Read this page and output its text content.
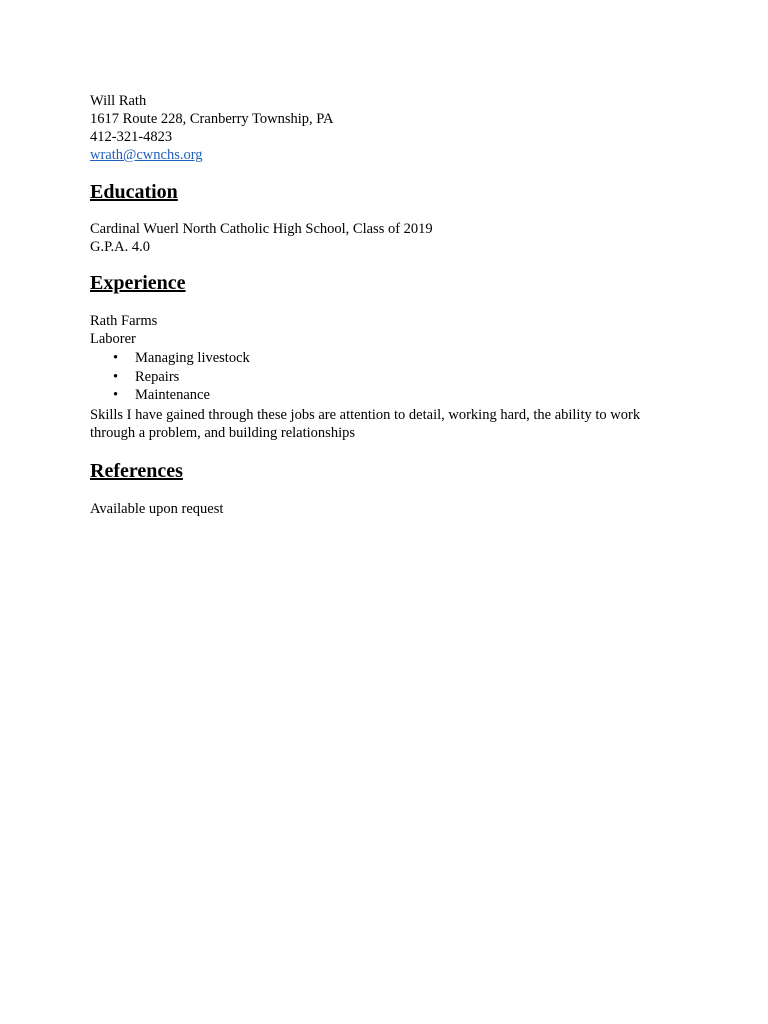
Will Rath
1617 Route 228, Cranberry Township, PA
412-321-4823
wrath@cwnchs.org
Education
Cardinal Wuerl North Catholic High School, Class of 2019
G.P.A. 4.0
Experience
Rath Farms
Laborer
• Managing livestock
• Repairs
• Maintenance
Skills I have gained through these jobs are attention to detail, working hard, the ability to work through a problem, and building relationships
References
Available upon request
